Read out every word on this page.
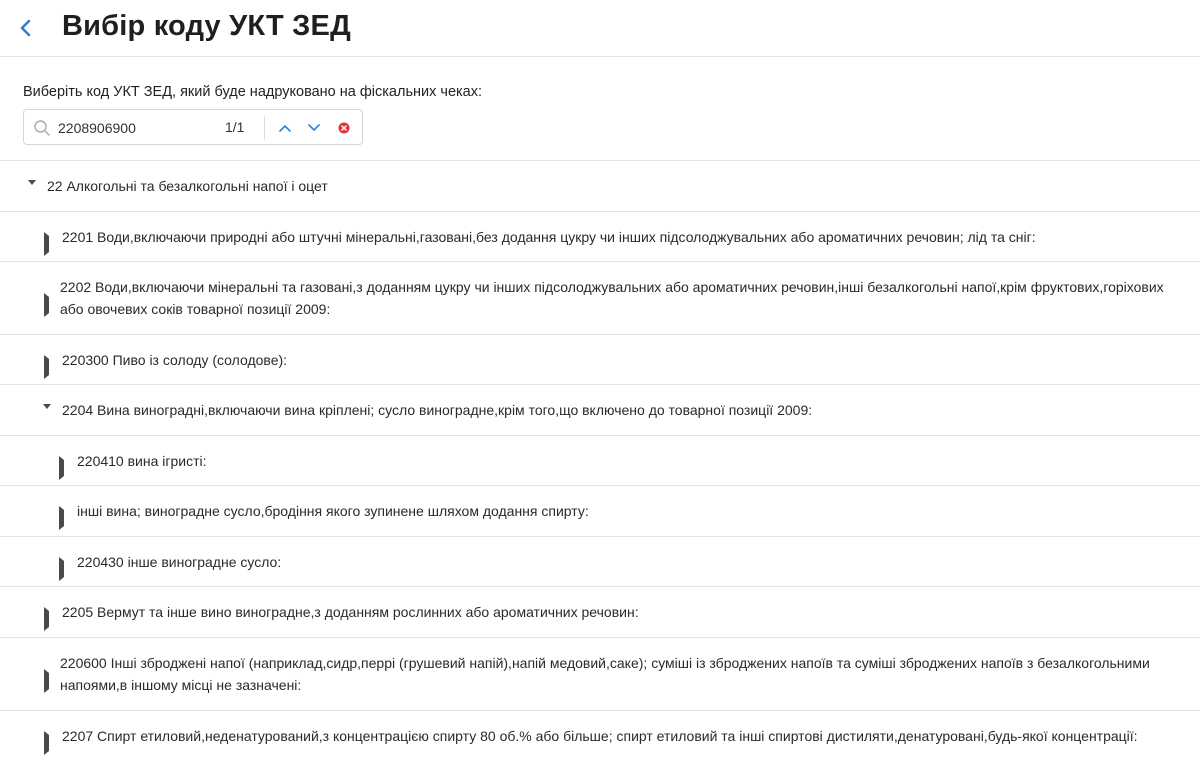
Вибір коду УКТ ЗЕД
Виберіть код УКТ ЗЕД, який буде надруковано на фіскальних чеках:
2208906900
1/1
22 Алкогольні та безалкогольні напої і оцет
2201 Води,включаючи природні або штучні мінеральні,газовані,без додання цукру чи інших підсолоджувальних або ароматичних речовин; лід та сніг:
2202 Води,включаючи мінеральні та газовані,з доданням цукру чи інших підсолоджувальних або ароматичних речовин,інші безалкогольні напої,крім фруктових,горіхових або овочевих соків товарної позиції 2009:
220300 Пиво із солоду (солодове):
2204 Вина виноградні,включаючи вина кріплені; сусло виноградне,крім того,що включено до товарної позиції 2009:
220410 вина ігристі:
інші вина; виноградне сусло,бродіння якого зупинене шляхом додання спирту:
220430 інше виноградне сусло:
2205 Вермут та інше вино виноградне,з доданням рослинних або ароматичних речовин:
220600 Інші зброджені напої (наприклад,сидр,перрі (грушевий напій),напій медовий,саке); суміші із зброджених напоїв та суміші зброджених напоїв з безалкогольними напоями,в іншому місці не зазначені:
2207 Спирт етиловий,неденатурований,з концентрацією спирту 80 об.% або більше; спирт етиловий та інші спиртові дистиляти,денатуровані,будь-якої концентрації:
